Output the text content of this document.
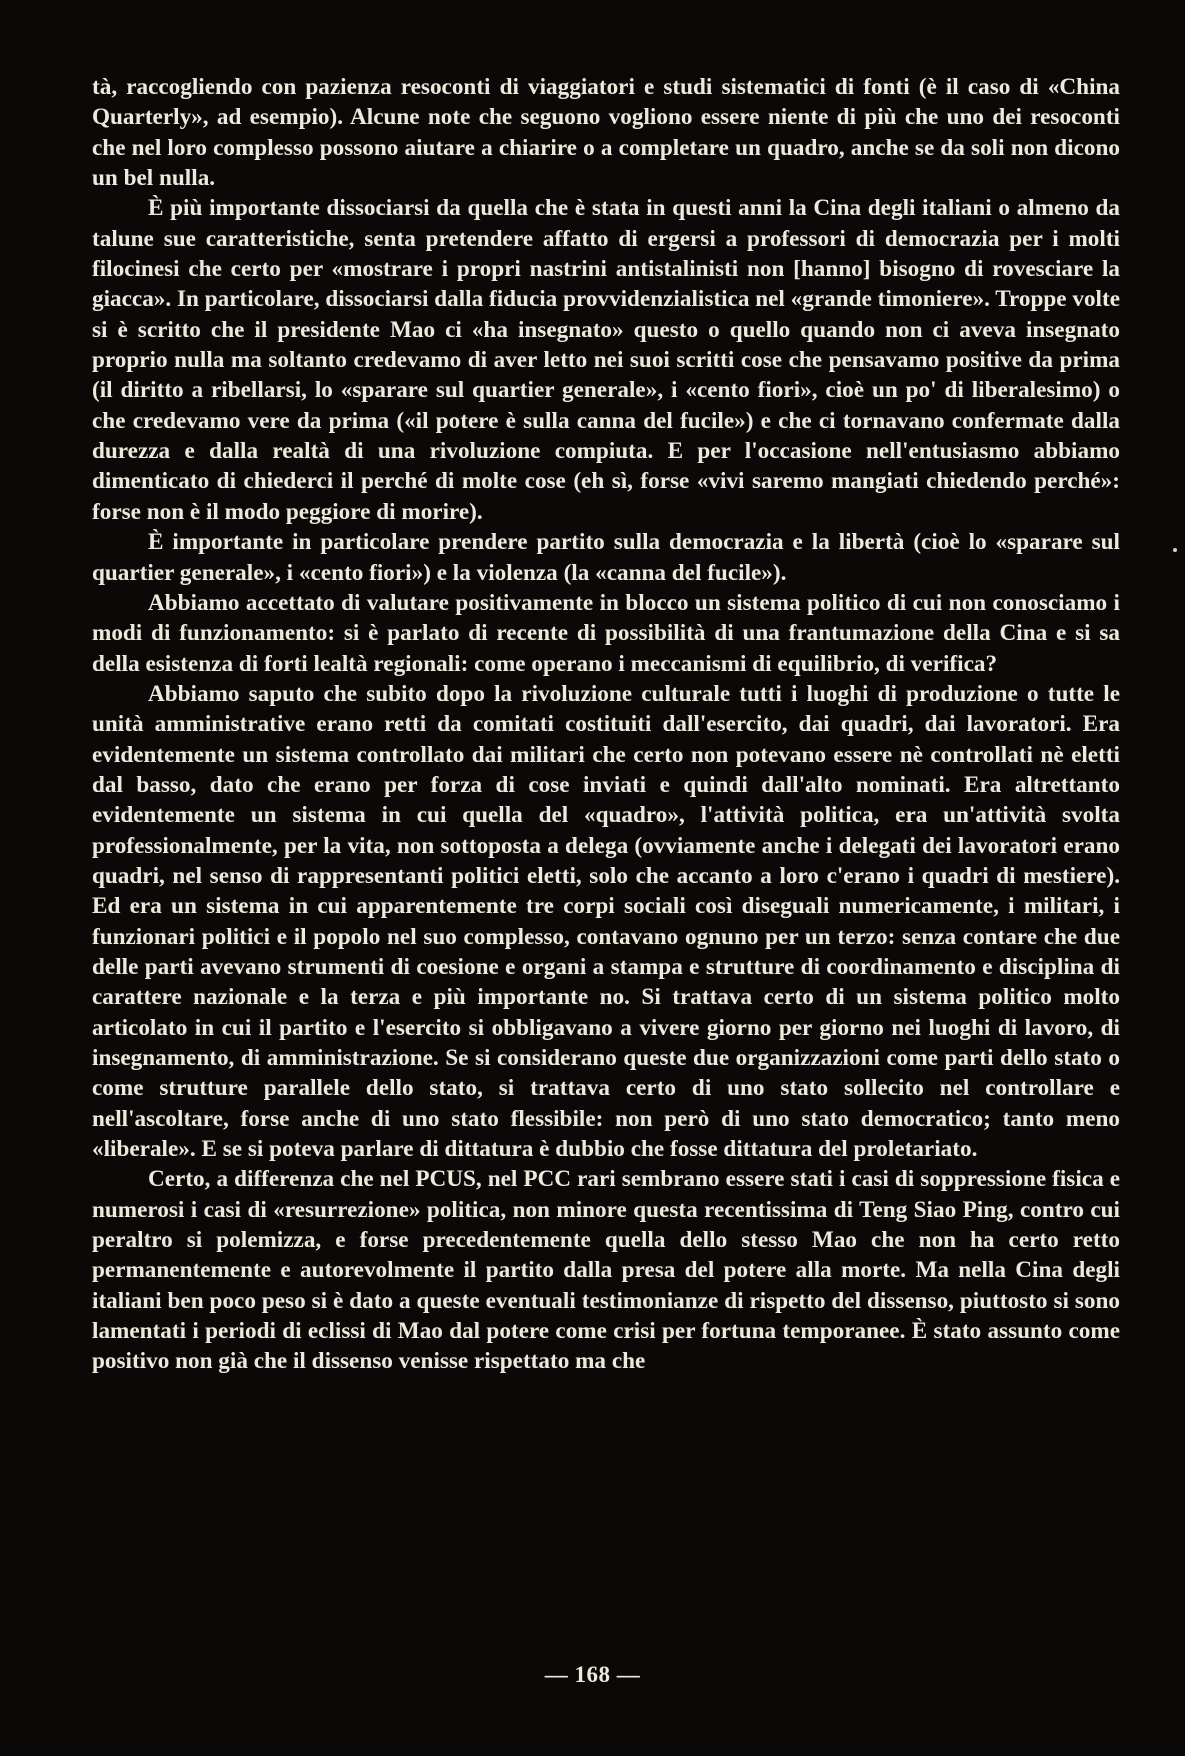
tà, raccogliendo con pazienza resoconti di viaggiatori e studi sistematici di fonti (è il caso di «China Quarterly», ad esempio). Alcune note che seguono vogliono essere niente di più che uno dei resoconti che nel loro complesso possono aiutare a chiarire o a completare un quadro, anche se da soli non dicono un bel nulla.

È più importante dissociarsi da quella che è stata in questi anni la Cina degli italiani o almeno da talune sue caratteristiche, senta pretendere affatto di ergersi a professori di democrazia per i molti filocinesi che certo per «mostrare i propri nastrini antistalinisti non [hanno] bisogno di rovesciare la giacca». In particolare, dissociarsi dalla fiducia provvidenzialistica nel «grande timoniere». Troppe volte si è scritto che il presidente Mao ci «ha insegnato» questo o quello quando non ci aveva insegnato proprio nulla ma soltanto credevamo di aver letto nei suoi scritti cose che pensavamo positive da prima (il diritto a ribellarsi, lo «sparare sul quartier generale», i «cento fiori», cioè un po' di liberalesimo) o che credevamo vere da prima («il potere è sulla canna del fucile») e che ci tornavano confermate dalla durezza e dalla realtà di una rivoluzione compiuta. E per l'occasione nell'entusiasmo abbiamo dimenticato di chiederci il perché di molte cose (eh sì, forse «vivi saremo mangiati chiedendo perché»: forse non è il modo peggiore di morire).

È importante in particolare prendere partito sulla democrazia e la libertà (cioè lo «sparare sul quartier generale», i «cento fiori») e la violenza (la «canna del fucile»).

Abbiamo accettato di valutare positivamente in blocco un sistema politico di cui non conosciamo i modi di funzionamento: si è parlato di recente di possibilità di una frantumazione della Cina e si sa della esistenza di forti lealtà regionali: come operano i meccanismi di equilibrio, di verifica?

Abbiamo saputo che subito dopo la rivoluzione culturale tutti i luoghi di produzione o tutte le unità amministrative erano retti da comitati costituiti dall'esercito, dai quadri, dai lavoratori. Era evidentemente un sistema controllato dai militari che certo non potevano essere nè controllati nè eletti dal basso, dato che erano per forza di cose inviati e quindi dall'alto nominati. Era altrettanto evidentemente un sistema in cui quella del «quadro», l'attività politica, era un'attività svolta professionalmente, per la vita, non sottoposta a delega (ovviamente anche i delegati dei lavoratori erano quadri, nel senso di rappresentanti politici eletti, solo che accanto a loro c'erano i quadri di mestiere). Ed era un sistema in cui apparentemente tre corpi sociali così diseguali numericamente, i militari, i funzionari politici e il popolo nel suo complesso, contavano ognuno per un terzo: senza contare che due delle parti avevano strumenti di coesione e organi a stampa e strutture di coordinamento e disciplina di carattere nazionale e la terza e più importante no. Si trattava certo di un sistema politico molto articolato in cui il partito e l'esercito si obbligavano a vivere giorno per giorno nei luoghi di lavoro, di insegnamento, di amministrazione. Se si considerano queste due organizzazioni come parti dello stato o come strutture parallele dello stato, si trattava certo di uno stato sollecito nel controllare e nell'ascoltare, forse anche di uno stato flessibile: non però di uno stato democratico; tanto meno «liberale». E se si poteva parlare di dittatura è dubbio che fosse dittatura del proletariato.

Certo, a differenza che nel PCUS, nel PCC rari sembrano essere stati i casi di soppressione fisica e numerosi i casi di «resurrezione» politica, non minore questa recentissima di Teng Siao Ping, contro cui peraltro si polemizza, e forse precedentemente quella dello stesso Mao che non ha certo retto permanentemente e autorevolmente il partito dalla presa del potere alla morte. Ma nella Cina degli italiani ben poco peso si è dato a queste eventuali testimonianze di rispetto del dissenso, piuttosto si sono lamentati i periodi di eclissi di Mao dal potere come crisi per fortuna temporanee. È stato assunto come positivo non già che il dissenso venisse rispettato ma che

— 168 —
